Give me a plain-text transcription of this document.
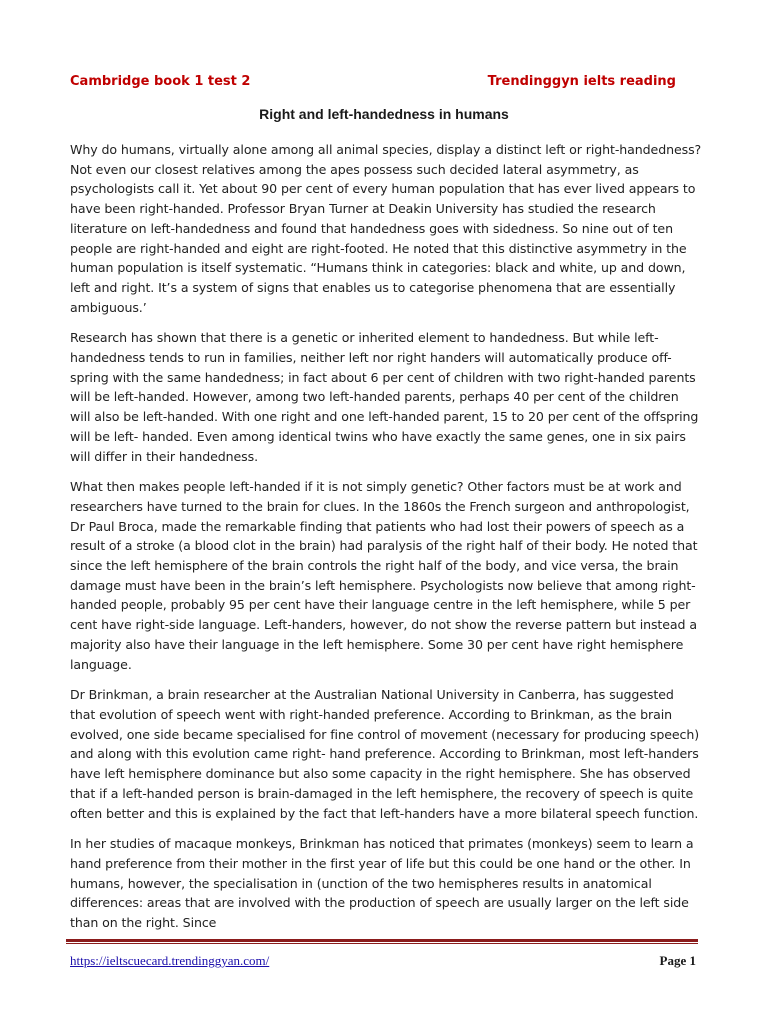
Cambridge book 1 test 2	Trendinggyn ielts reading
Right and left-handedness in humans

Why do humans, virtually alone among all animal species, display a distinct left or right-handedness? Not even our closest relatives among the apes possess such decided lateral asymmetry, as psychologists call it. Yet about 90 per cent of every human population that has ever lived appears to have been right-handed. Professor Bryan Turner at Deakin University has studied the research literature on left-handedness and found that handedness goes with sidedness. So nine out of ten people are right-handed and eight are right-footed. He noted that this distinctive asymmetry in the human population is itself systematic. “Humans think in categories: black and white, up and down, left and right. It’s a system of signs that enables us to categorise phenomena that are essentially ambiguous.’

Research has shown that there is a genetic or inherited element to handedness. But while left-handedness tends to run in families, neither left nor right handers will automatically produce off-spring with the same handedness; in fact about 6 per cent of children with two right-handed parents will be left-handed. However, among two left-handed parents, perhaps 40 per cent of the children will also be left-handed. With one right and one left-handed parent, 15 to 20 per cent of the offspring will be left- handed. Even among identical twins who have exactly the same genes, one in six pairs will differ in their handedness.

What then makes people left-handed if it is not simply genetic? Other factors must be at work and researchers have turned to the brain for clues. In the 1860s the French surgeon and anthropologist, Dr Paul Broca, made the remarkable finding that patients who had lost their powers of speech as a result of a stroke (a blood clot in the brain) had paralysis of the right half of their body. He noted that since the left hemisphere of the brain controls the right half of the body, and vice versa, the brain damage must have been in the brain’s left hemisphere. Psychologists now believe that among right-handed people, probably 95 per cent have their language centre in the left hemisphere, while 5 per cent have right-side language. Left-handers, however, do not show the reverse pattern but instead a majority also have their language in the left hemisphere. Some 30 per cent have right hemisphere language.

Dr Brinkman, a brain researcher at the Australian National University in Canberra, has suggested that evolution of speech went with right-handed preference. According to Brinkman, as the brain evolved, one side became specialised for fine control of movement (necessary for producing speech) and along with this evolution came right- hand preference. According to Brinkman, most left-handers have left hemisphere dominance but also some capacity in the right hemisphere. She has observed that if a left-handed person is brain-damaged in the left hemisphere, the recovery of speech is quite often better and this is explained by the fact that left-handers have a more bilateral speech function.

In her studies of macaque monkeys, Brinkman has noticed that primates (monkeys) seem to learn a hand preference from their mother in the first year of life but this could be one hand or the other. In humans, however, the specialisation in (unction of the two hemispheres results in anatomical differences: areas that are involved with the production of speech are usually larger on the left side than on the right. Since

https://ieltscuecard.trendinggyan.com/	Page 1
